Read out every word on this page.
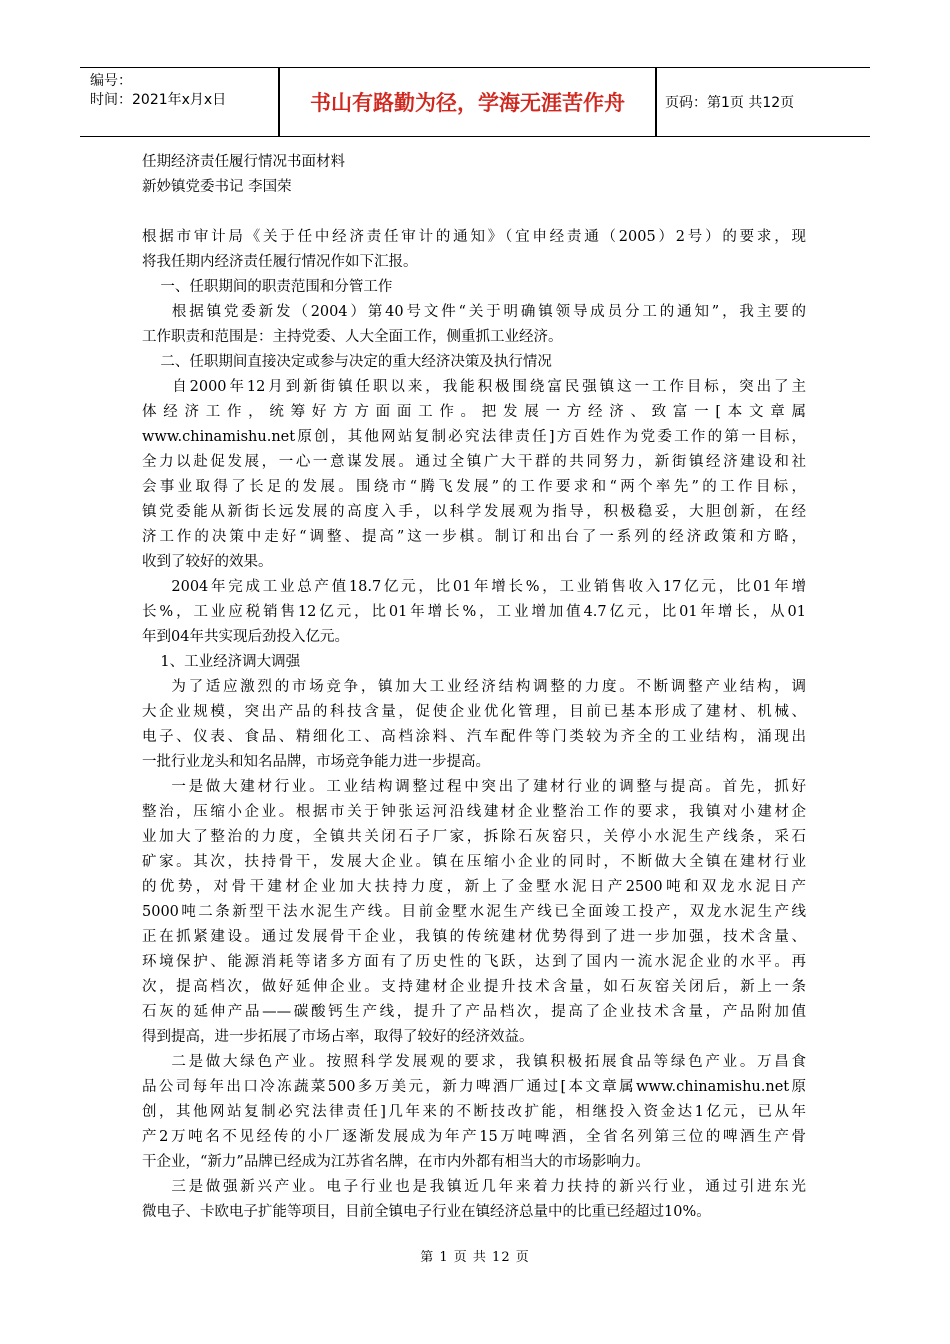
编号：
时间：2021年x月x日	书山有路勤为径，学海无涯苦作舟	页码：第1页 共12页
任期经济责任履行情况书面材料
新妙镇党委书记 李国荣
根据市审计局《关于任中经济责任审计的通知》（宜申经责通（2005）2号）的要求，现
将我任期内经济责任履行情况作如下汇报。
一、任职期间的职责范围和分管工作
根据镇党委新发（2004）第40号文件“关于明确镇领导成员分工的通知”，我主要的
工作职责和范围是：主持党委、人大全面工作，侧重抓工业经济。
二、任职期间直接决定或参与决定的重大经济决策及执行情况
自2000年12月到新街镇任职以来，我能积极围绕富民强镇这一工作目标，突出了主
体经济工作，统筹好方方面面工作。把发展一方经济、致富一[本文章属
www.chinamishu.net原创，其他网站复制必究法律责任]方百姓作为党委工作的第一目标，
全力以赴促发展，一心一意谋发展。通过全镇广大干群的共同努力，新街镇经济建设和社
会事业取得了长足的发展。围绕市“腾飞发展”的工作要求和“两个率先”的工作目标，
镇党委能从新街长远发展的高度入手，以科学发展观为指导，积极稳妥，大胆创新，在经
济工作的决策中走好“调整、提高”这一步棋。制订和出台了一系列的经济政策和方略，
收到了较好的效果。
2004年完成工业总产值18.7亿元，比01年增长%，工业销售收入17亿元，比01年增
长%，工业应税销售12亿元，比01年增长%，工业增加值4.7亿元，比01年增长，从01
年到04年共实现后劲投入亿元。
1、工业经济调大调强
为了适应激烈的市场竞争，镇加大工业经济结构调整的力度。不断调整产业结构，调
大企业规模，突出产品的科技含量，促使企业优化管理，目前已基本形成了建材、机械、
电子、仪表、食品、精细化工、高档涂料、汽车配件等门类较为齐全的工业结构，涌现出
一批行业龙头和知名品牌，市场竞争能力进一步提高。
一是做大建材行业。工业结构调整过程中突出了建材行业的调整与提高。首先，抓好
整治，压缩小企业。根据市关于钟张运河沿线建材企业整治工作的要求，我镇对小建材企
业加大了整治的力度，全镇共关闭石子厂家，拆除石灰窑只，关停小水泥生产线条，采石
矿家。其次，扶持骨干，发展大企业。镇在压缩小企业的同时，不断做大全镇在建材行业
的优势，对骨干建材企业加大扶持力度，新上了金墅水泥日产2500吨和双龙水泥日产
5000吨二条新型干法水泥生产线。目前金墅水泥生产线已全面竣工投产，双龙水泥生产线
正在抓紧建设。通过发展骨干企业，我镇的传统建材优势得到了进一步加强，技术含量、
环境保护、能源消耗等诸多方面有了历史性的飞跃，达到了国内一流水泥企业的水平。再
次，提高档次，做好延伸企业。支持建材企业提升技术含量，如石灰窑关闭后，新上一条
石灰的延伸产品——碳酸钙生产线，提升了产品档次，提高了企业技术含量，产品附加值
得到提高，进一步拓展了市场占率，取得了较好的经济效益。
二是做大绿色产业。按照科学发展观的要求，我镇积极拓展食品等绿色产业。万昌食
品公司每年出口冷冻蔬菜500多万美元，新力啤酒厂通过[本文章属www.chinamishu.net原
创，其他网站复制必究法律责任]几年来的不断技改扩能，相继投入资金达1亿元，已从年
产2万吨名不见经传的小厂逐渐发展成为年产15万吨啤酒，全省名列第三位的啤酒生产骨
干企业，“新力”品牌已经成为江苏省名牌，在市内外都有相当大的市场影响力。
三是做强新兴产业。电子行业也是我镇近几年来着力扶持的新兴行业，通过引进东光
微电子、卡欧电子扩能等项目，目前全镇电子行业在镇经济总量中的比重已经超过10%。
第 1 页 共 12 页
